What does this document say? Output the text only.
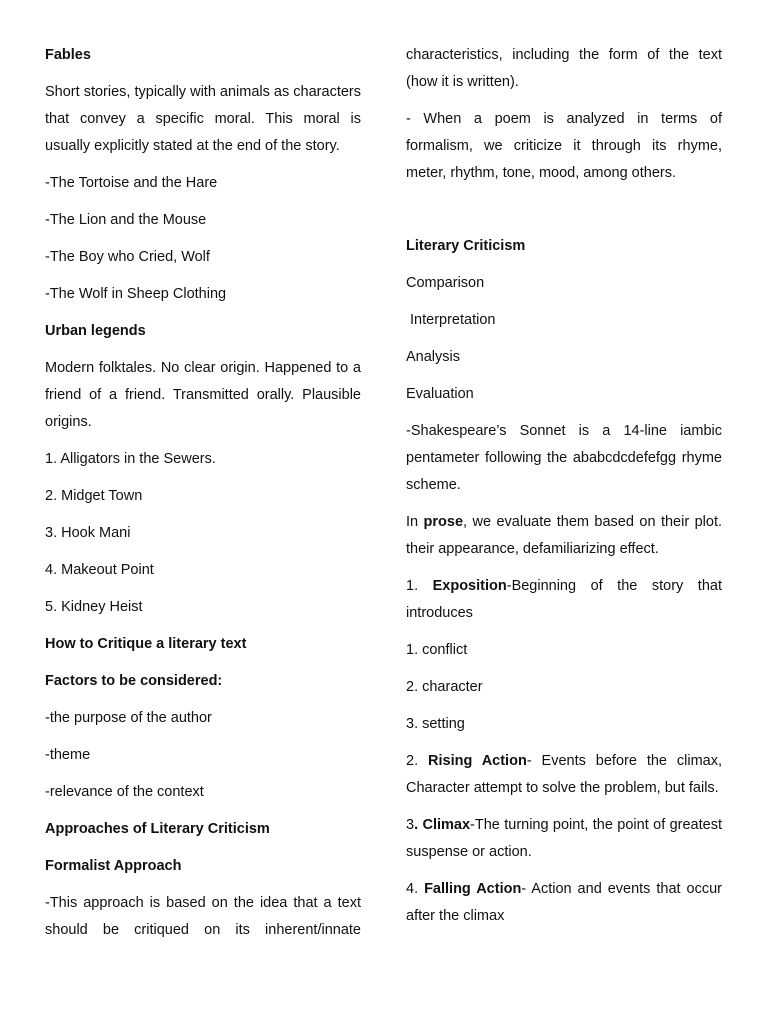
Fables

Short stories, typically with animals as characters that convey a specific moral. This moral is usually explicitly stated at the end of the story.

-The Tortoise and the Hare

-The Lion and the Mouse

-The Boy who Cried, Wolf

-The Wolf in Sheep Clothing

Urban legends

Modern folktales. No clear origin. Happened to a friend of a friend. Transmitted orally. Plausible origins.

1. Alligators in the Sewers.

2. Midget Town

3. Hook Mani

4. Makeout Point

5. Kidney Heist

How to Critique a literary text

Factors to be considered:

-the purpose of the author

-theme

-relevance of the context

Approaches of Literary Criticism

Formalist Approach

-This approach is based on the idea that a text should be critiqued on its inherent/innate

characteristics, including the form of the text (how it is written).

- When a poem is analyzed in terms of formalism, we criticize it through its rhyme, meter, rhythm, tone, mood, among others.

Literary Criticism

Comparison

Interpretation

Analysis

Evaluation

-Shakespeare’s Sonnet is a 14-line iambic pentameter following the ababcdcdefefgg rhyme scheme.

In prose, we evaluate them based on their plot. their appearance, defamiliarizing effect.

1. Exposition-Beginning of the story that introduces

1. conflict

2. character

3. setting

2. Rising Action- Events before the climax, Character attempt to solve the problem, but fails.

3. Climax-The turning point, the point of greatest suspense or action.

4. Falling Action- Action and events that occur after the climax
